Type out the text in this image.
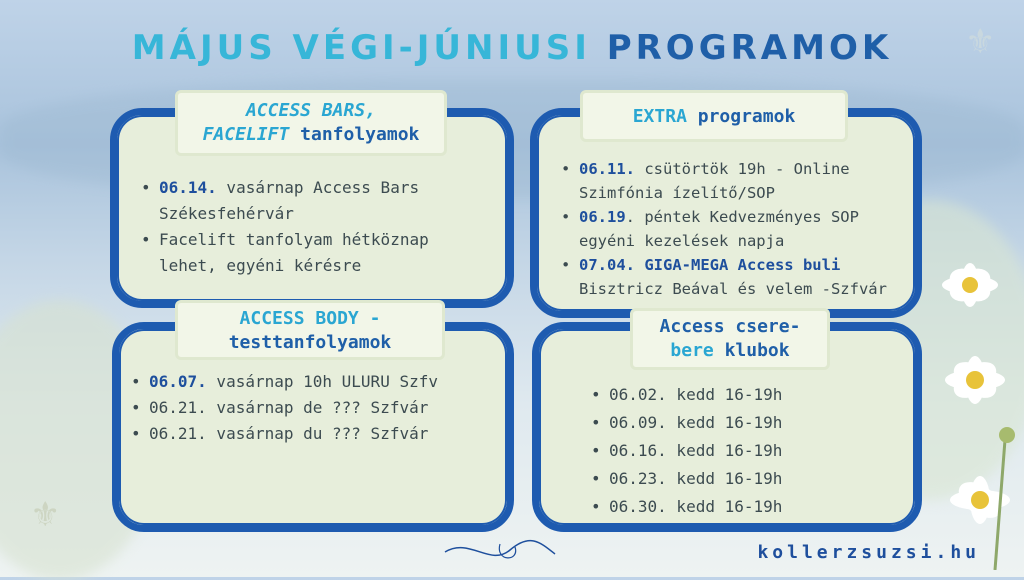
MÁJUS VÉGI-JÚNIUSI PROGRAMOK	⚜
⚜
• 06.14. vasárnap Access Bars Székesfehérvár
• Facelift tanfolyam hétköznap lehet, egyéni kérésre
ACCESS BARS,
FACELIFT tanfolyamok
• 06.11. csütörtök 19h - Online Szimfónia ízelítő/SOP
• 06.19. péntek Kedvezményes SOP egyéni kezelések napja
• 07.04. GIGA-MEGA Access buli Bisztricz Beával és velem -Szfvár
EXTRA programok
• 06.07. vasárnap 10h ULURU Szfv
• 06.21. vasárnap de ??? Szfvár
• 06.21. vasárnap du ??? Szfvár
ACCESS BODY -
testtanfolyamok
• 06.02. kedd 16-19h
• 06.09. kedd 16-19h
• 06.16. kedd 16-19h
• 06.23. kedd 16-19h
• 06.30. kedd 16-19h
Access csere-
bere klubok
kollerzsuzsi.hu
